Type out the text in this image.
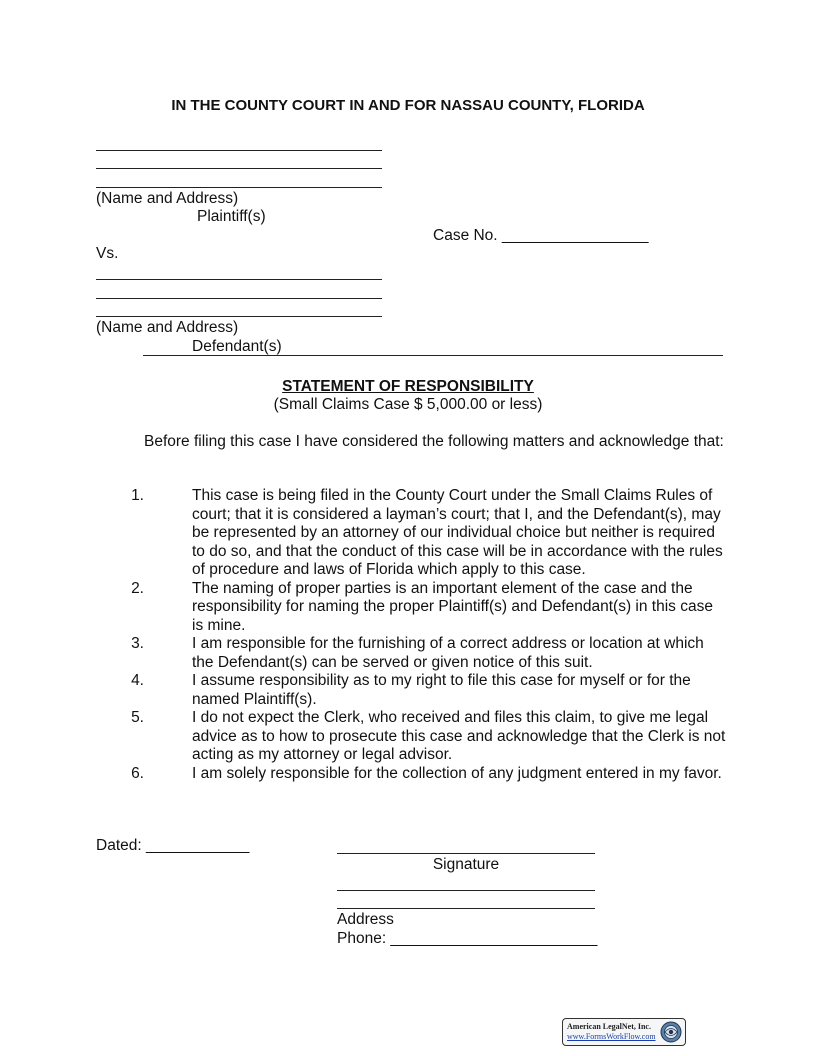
IN THE COUNTY COURT IN AND FOR NASSAU COUNTY, FLORIDA
(Name and Address)
Plaintiff(s)
Case No. _________________
Vs.
(Name and Address)
Defendant(s)
STATEMENT OF RESPONSIBILITY
(Small Claims Case $ 5,000.00 or less)
Before filing this case I have considered the following matters and acknowledge that:
1.	This case is being filed in the County Court under the Small Claims Rules of court; that it is considered a layman’s court; that I, and the Defendant(s), may be represented by an attorney of our individual choice but neither is required to do so, and that the conduct of this case will be in accordance with the rules of procedure and laws of Florida which apply to this case.
2.	The naming of proper parties is an important element of the case and the responsibility for naming the proper Plaintiff(s) and Defendant(s) in this case is mine.
3.	I am responsible for the furnishing of a correct address or location at which the Defendant(s) can be served or given notice of this suit.
4.	I assume responsibility as to my right to file this case for myself or for the named Plaintiff(s).
5.	I do not expect the Clerk, who received and files this claim, to give me legal advice as to how to prosecute this case and acknowledge that the Clerk is not acting as my attorney or legal advisor.
6.	I am solely responsible for the collection of any judgment entered in my favor.
Dated: ____________
Signature
Address
Phone: ________________________
American LegalNet, Inc.
www.FormsWorkFlow.com
